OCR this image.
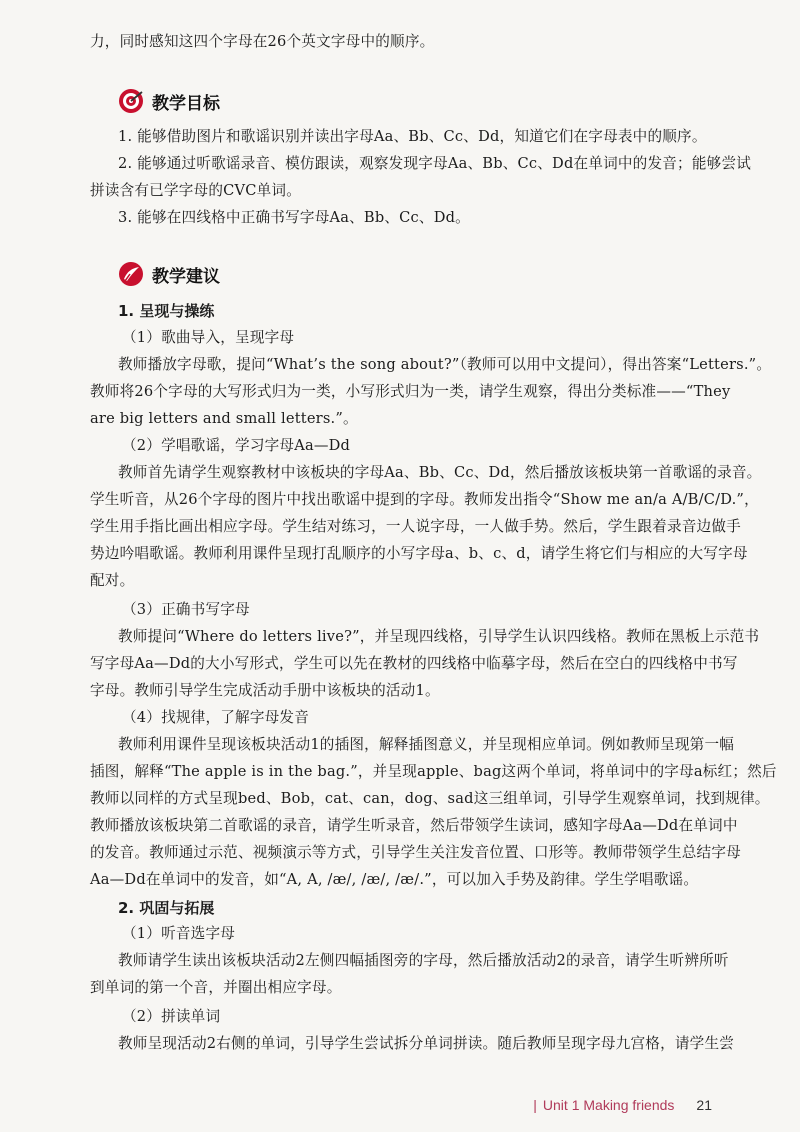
力，同时感知这四个字母在26个英文字母中的顺序。
教学目标
1. 能够借助图片和歌谣识别并读出字母Aa、Bb、Cc、Dd，知道它们在字母表中的顺序。
2. 能够通过听歌谣录音、模仿跟读，观察发现字母Aa、Bb、Cc、Dd在单词中的发音；能够尝试
拼读含有已学字母的CVC单词。
3. 能够在四线格中正确书写字母Aa、Bb、Cc、Dd。
教学建议
1. 呈现与操练
（1）歌曲导入，呈现字母
教师播放字母歌，提问“What’s the song about?”（教师可以用中文提问），得出答案“Letters.”。
教师将26个字母的大写形式归为一类，小写形式归为一类，请学生观察，得出分类标准——“They
are big letters and small letters.”。
（2）学唱歌谣，学习字母Aa—Dd
教师首先请学生观察教材中该板块的字母Aa、Bb、Cc、Dd，然后播放该板块第一首歌谣的录音。
学生听音，从26个字母的图片中找出歌谣中提到的字母。教师发出指令“Show me an/a A/B/C/D.”，
学生用手指比画出相应字母。学生结对练习，一人说字母，一人做手势。然后，学生跟着录音边做手
势边吟唱歌谣。教师利用课件呈现打乱顺序的小写字母a、b、c、d，请学生将它们与相应的大写字母
配对。
（3）正确书写字母
教师提问“Where do letters live?”，并呈现四线格，引导学生认识四线格。教师在黑板上示范书
写字母Aa—Dd的大小写形式，学生可以先在教材的四线格中临摹字母，然后在空白的四线格中书写
字母。教师引导学生完成活动手册中该板块的活动1。
（4）找规律，了解字母发音
教师利用课件呈现该板块活动1的插图，解释插图意义，并呈现相应单词。例如教师呈现第一幅
插图，解释“The apple is in the bag.”，并呈现apple、bag这两个单词，将单词中的字母a标红；然后
教师以同样的方式呈现bed、Bob，cat、can，dog、sad这三组单词，引导学生观察单词，找到规律。
教师播放该板块第二首歌谣的录音，请学生听录音，然后带领学生读词，感知字母Aa—Dd在单词中
的发音。教师通过示范、视频演示等方式，引导学生关注发音位置、口形等。教师带领学生总结字母
Aa—Dd在单词中的发音，如“A, A, /æ/, /æ/, /æ/.”，可以加入手势及韵律。学生学唱歌谣。
2. 巩固与拓展
（1）听音选字母
教师请学生读出该板块活动2左侧四幅插图旁的字母，然后播放活动2的录音，请学生听辨所听
到单词的第一个音，并圈出相应字母。
（2）拼读单词
教师呈现活动2右侧的单词，引导学生尝试拆分单词拼读。随后教师呈现字母九宫格，请学生尝
| Unit 1 Making friends 21
